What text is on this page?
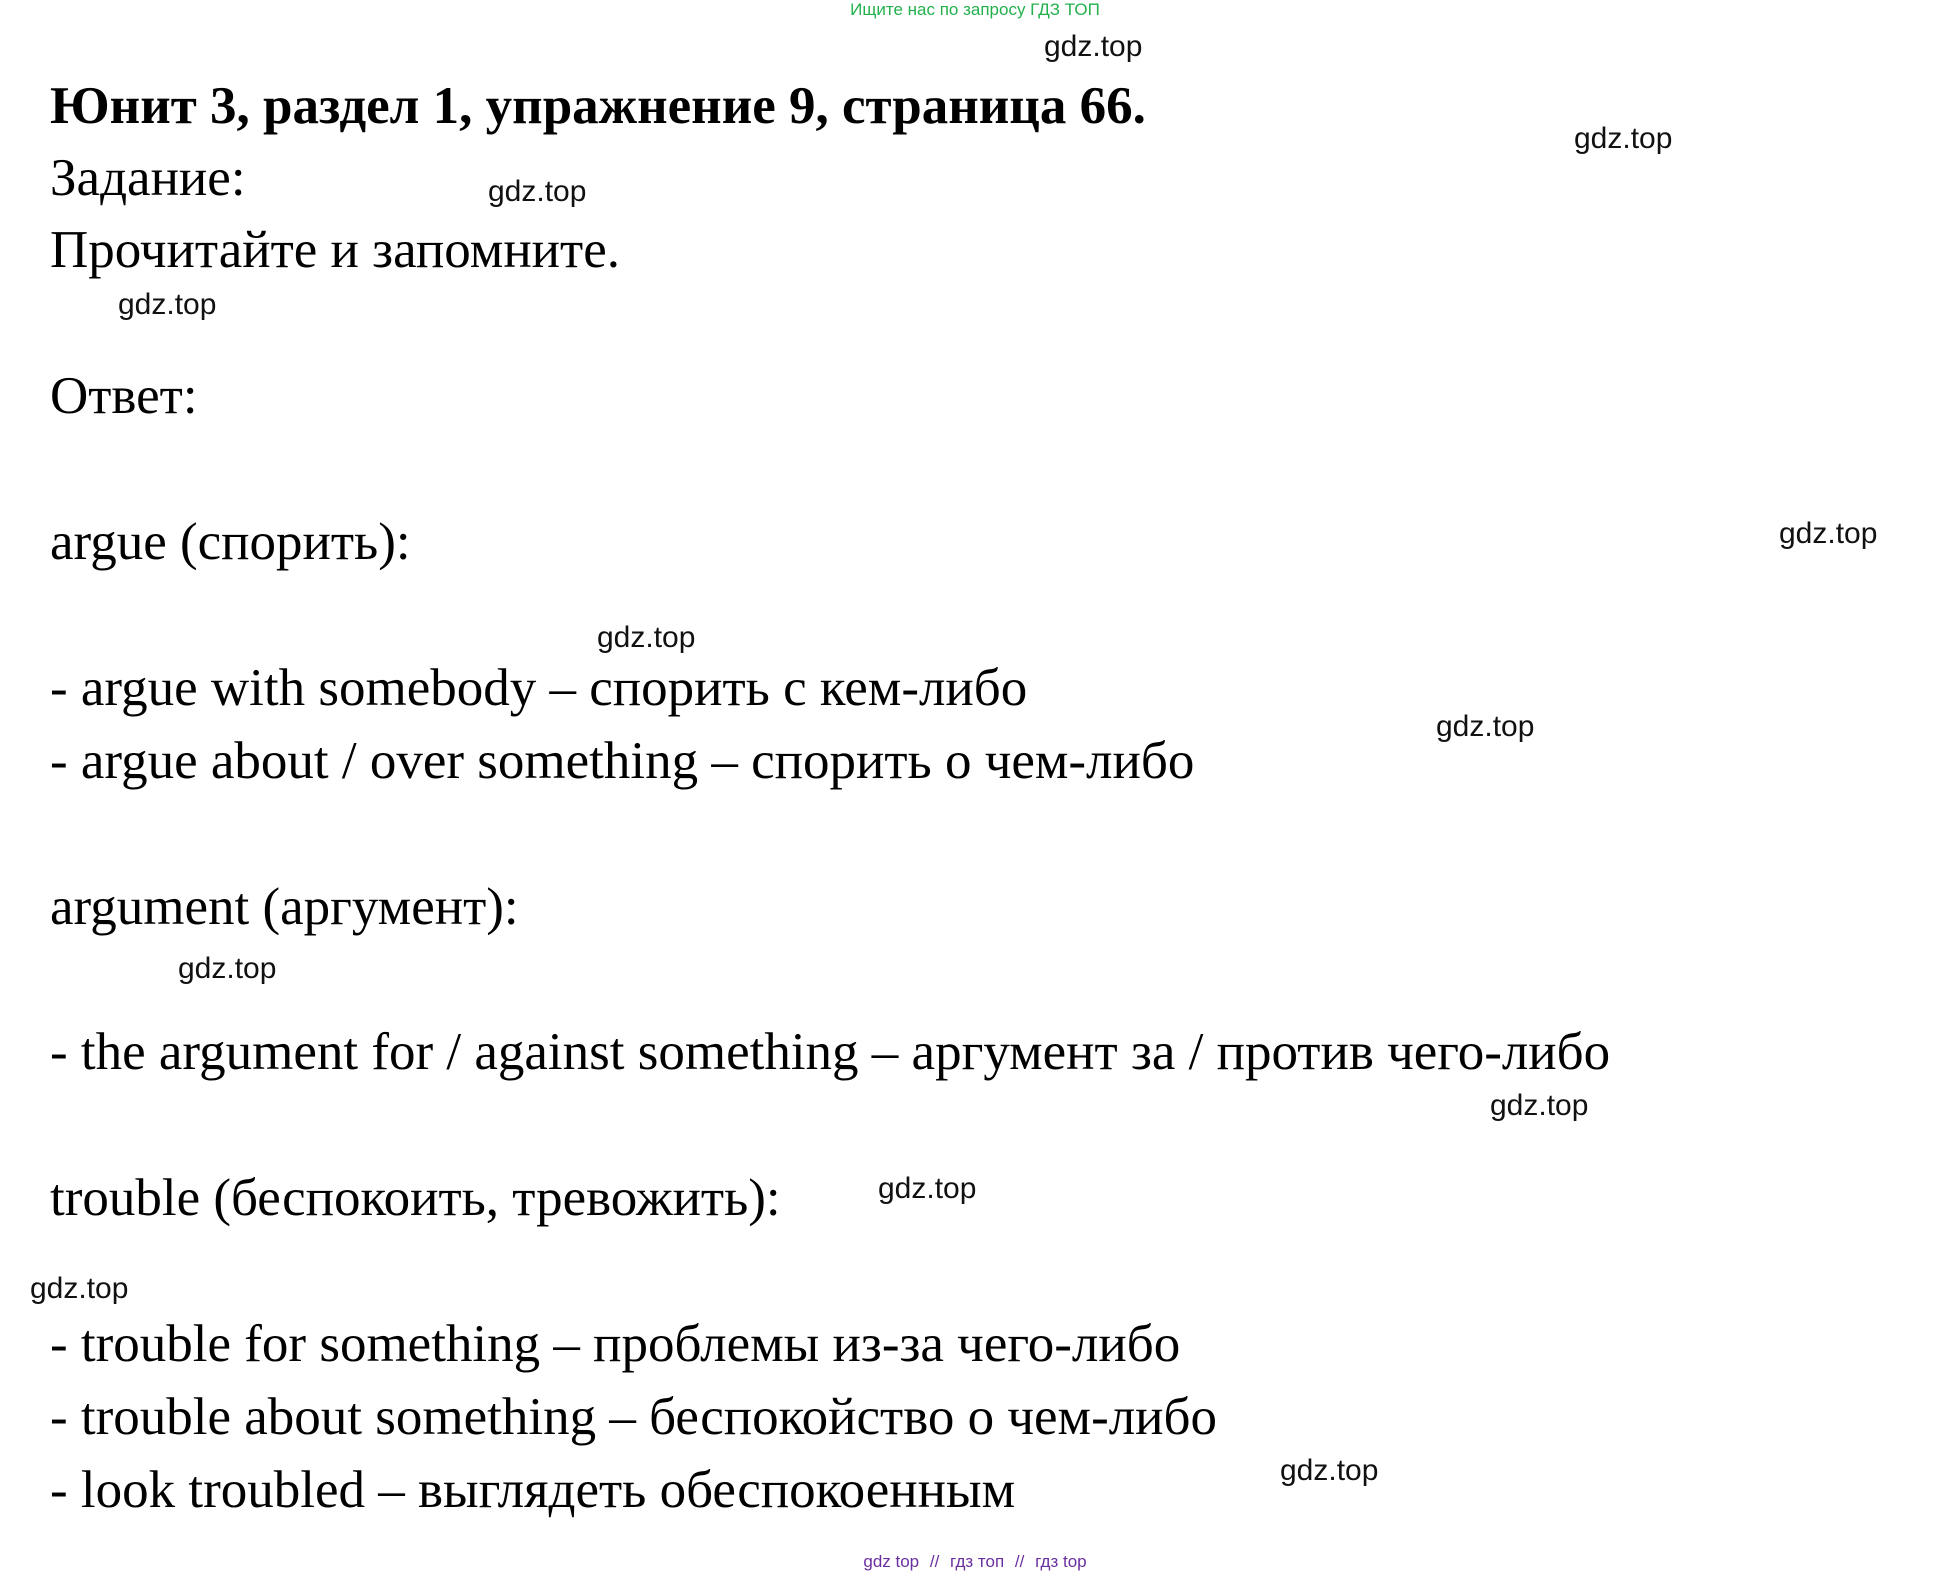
Ищите нас по запросу ГДЗ ТОП
Юнит 3, раздел 1, упражнение 9, страница 66.
Задание:
Прочитайте и запомните.
Ответ:
argue (спорить):
- argue with somebody – спорить с кем-либо
- argue about / over something – спорить о чем-либо
argument (аргумент):
- the argument for / against something – аргумент за / против чего-либо
trouble (беспокоить, тревожить):
- trouble for something – проблемы из-за чего-либо
- trouble about something – беспокойство о чем-либо
- look troubled – выглядеть обеспокоенным
gdz.top
gdz.top
gdz.top
gdz.top
gdz.top
gdz.top
gdz.top
gdz.top
gdz.top
gdz.top
gdz.top
gdz.top
gdz top // гдз топ // гдз top
